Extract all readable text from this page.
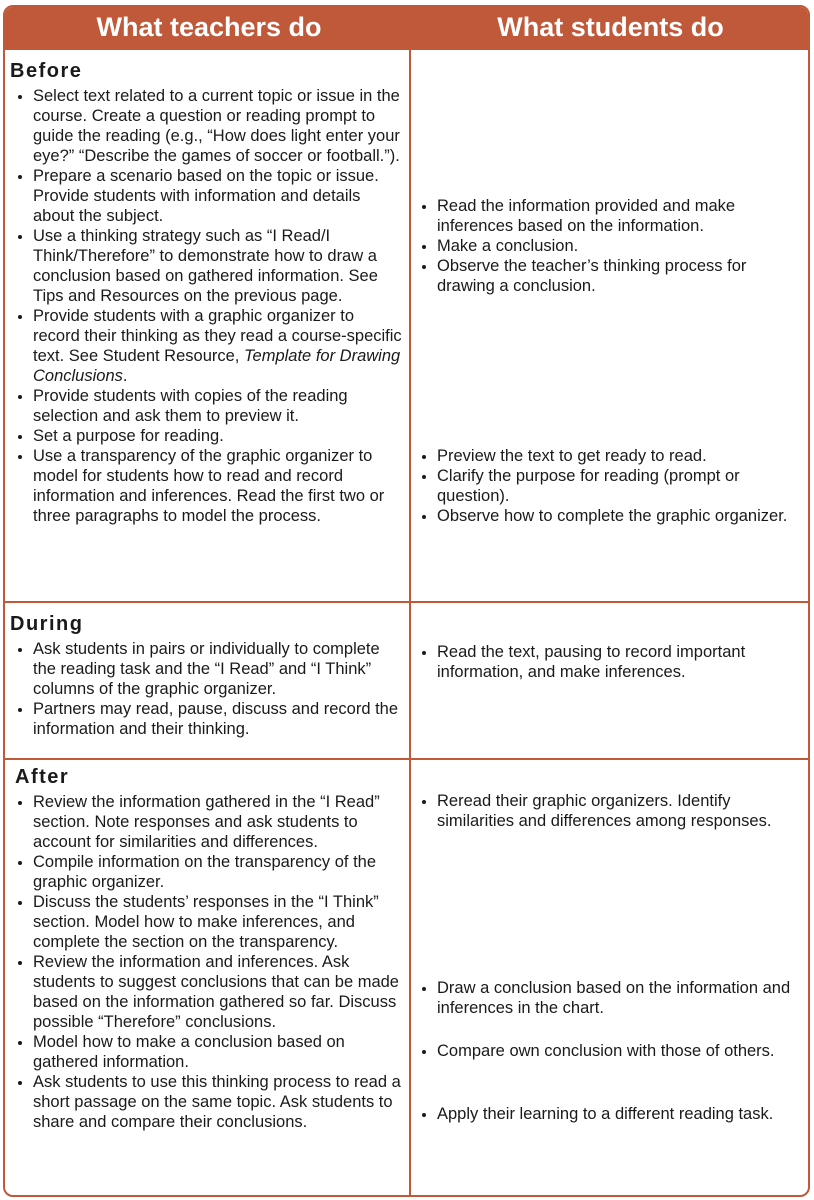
What teachers do	What students do
Before
• Select text related to a current topic or issue in the course. Create a question or reading prompt to guide the reading (e.g., “How does light enter your eye?” “Describe the games of soccer or football.”).
• Prepare a scenario based on the topic or issue. Provide students with information and details about the subject.
• Use a thinking strategy such as “I Read/I Think/Therefore” to demonstrate how to draw a conclusion based on gathered information. See Tips and Resources on the previous page.
• Provide students with a graphic organizer to record their thinking as they read a course-specific text. See Student Resource, Template for Drawing Conclusions.
• Provide students with copies of the reading selection and ask them to preview it.
• Set a purpose for reading.
• Use a transparency of the graphic organizer to model for students how to read and record information and inferences. Read the first two or three paragraphs to model the process.
• Read the information provided and make inferences based on the information.
• Make a conclusion.
• Observe the teacher’s thinking process for drawing a conclusion.
• Preview the text to get ready to read.
• Clarify the purpose for reading (prompt or question).
• Observe how to complete the graphic organizer.
During
• Ask students in pairs or individually to complete the reading task and the “I Read” and “I Think” columns of the graphic organizer.
• Partners may read, pause, discuss and record the information and their thinking.
• Read the text, pausing to record important information, and make inferences.
After
• Review the information gathered in the “I Read” section. Note responses and ask students to account for similarities and differences.
• Compile information on the transparency of the graphic organizer.
• Discuss the students’ responses in the “I Think” section. Model how to make inferences, and complete the section on the transparency.
• Review the information and inferences. Ask students to suggest conclusions that can be made based on the information gathered so far. Discuss possible “Therefore” conclusions.
• Model how to make a conclusion based on gathered information.
• Ask students to use this thinking process to read a short passage on the same topic. Ask students to share and compare their conclusions.
• Reread their graphic organizers. Identify similarities and differences among responses.
• Draw a conclusion based on the information and inferences in the chart.
• Compare own conclusion with those of others.
• Apply their learning to a different reading task.
